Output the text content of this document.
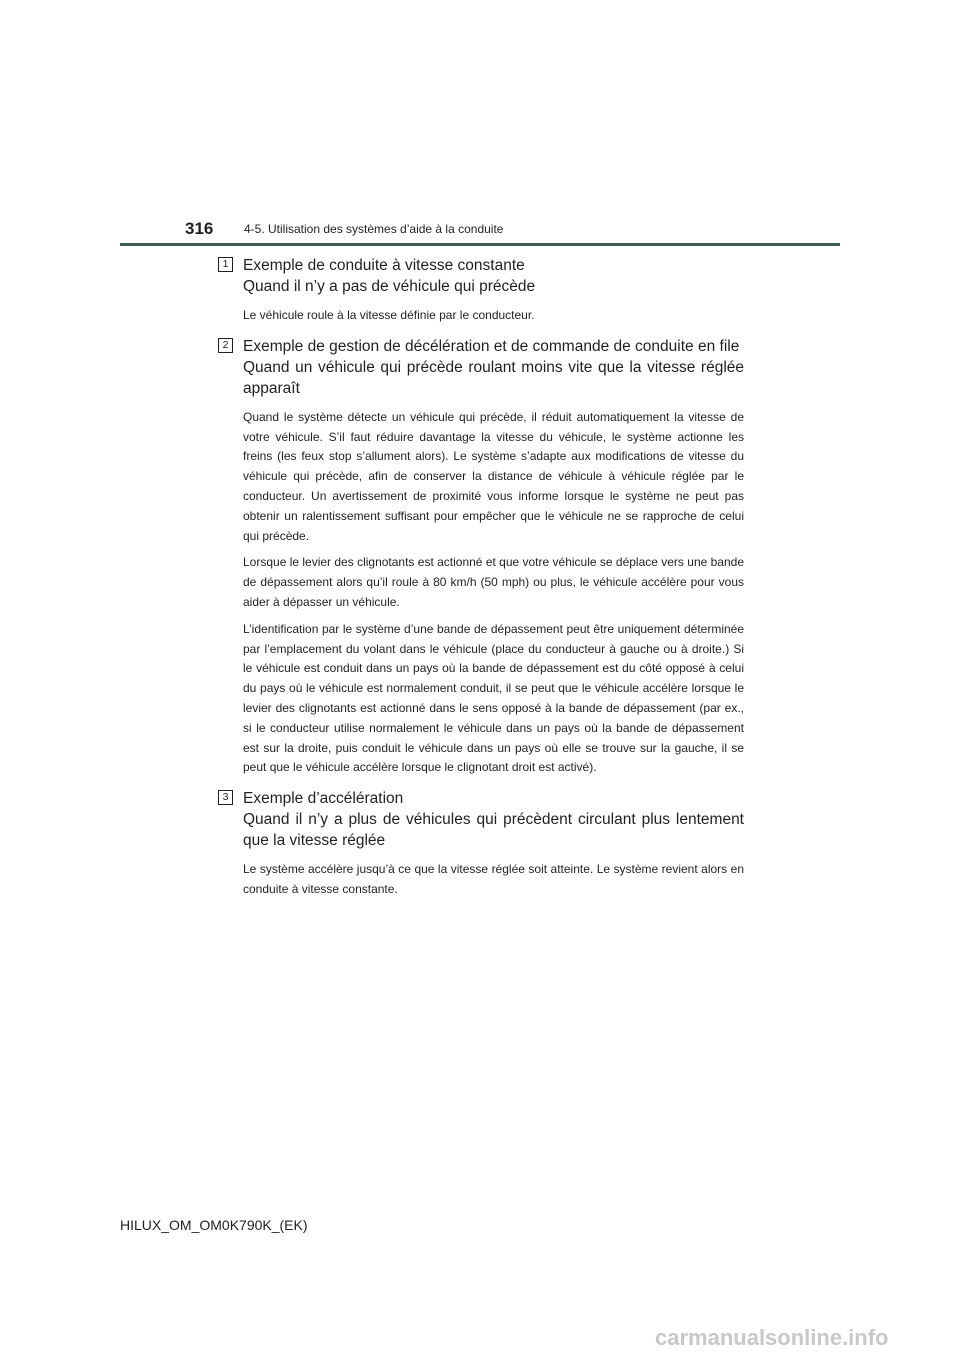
316	4-5. Utilisation des systèmes d’aide à la conduite
1 Exemple de conduite à vitesse constante
Quand il n’y a pas de véhicule qui précède

Le véhicule roule à la vitesse définie par le conducteur.

2 Exemple de gestion de décélération et de commande de conduite en file
Quand un véhicule qui précède roulant moins vite que la vitesse réglée apparaît

Quand le système détecte un véhicule qui précède, il réduit automatiquement la vitesse de votre véhicule. S’il faut réduire davantage la vitesse du véhicule, le système actionne les freins (les feux stop s’allument alors). Le système s’adapte aux modifications de vitesse du véhicule qui précède, afin de conserver la distance de véhicule à véhicule réglée par le conducteur. Un avertissement de proximité vous informe lorsque le système ne peut pas obtenir un ralentissement suffisant pour empêcher que le véhicule ne se rapproche de celui qui précède.

Lorsque le levier des clignotants est actionné et que votre véhicule se déplace vers une bande de dépassement alors qu’il roule à 80 km/h (50 mph) ou plus, le véhicule accélère pour vous aider à dépasser un véhicule.

L’identification par le système d’une bande de dépassement peut être uniquement déterminée par l’emplacement du volant dans le véhicule (place du conducteur à gauche ou à droite.) Si le véhicule est conduit dans un pays où la bande de dépassement est du côté opposé à celui du pays où le véhicule est normalement conduit, il se peut que le véhicule accélère lorsque le levier des clignotants est actionné dans le sens opposé à la bande de dépassement (par ex., si le conducteur utilise normalement le véhicule dans un pays où la bande de dépassement est sur la droite, puis conduit le véhicule dans un pays où elle se trouve sur la gauche, il se peut que le véhicule accélère lorsque le clignotant droit est activé).

3 Exemple d’accélération
Quand il n’y a plus de véhicules qui précèdent circulant plus lentement que la vitesse réglée

Le système accélère jusqu’à ce que la vitesse réglée soit atteinte. Le système revient alors en conduite à vitesse constante.

HILUX_OM_OM0K790K_(EK)
carmanualsonline.info
